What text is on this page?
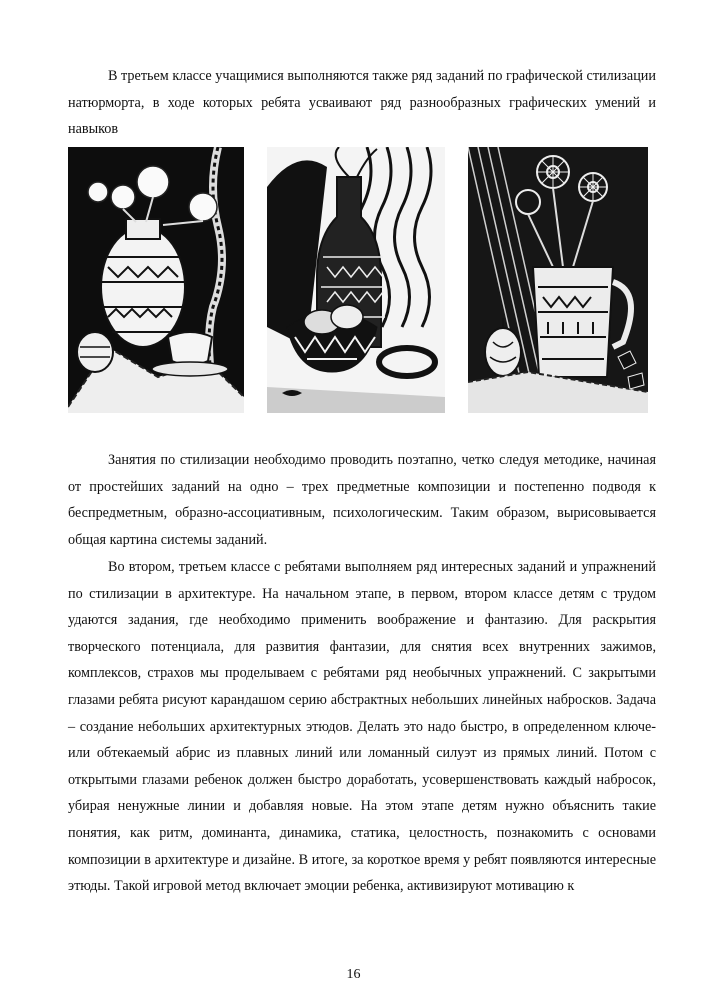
В третьем классе учащимися выполняются также ряд заданий по графической стилизации натюрморта, в ходе которых ребята усваивают ряд разнообразных графических умений и навыков

Занятия по стилизации необходимо проводить поэтапно, четко следуя методике, начиная от простейших заданий на одно – трех предметные композиции и постепенно подводя к беспредметным, образно-ассоциативным, психологическим. Таким образом, вырисовывается общая картина системы заданий.

Во втором, третьем классе с ребятами выполняем ряд интересных заданий и упражнений по стилизации в архитектуре. На начальном этапе, в первом, втором классе детям с трудом удаются задания, где необходимо применить воображение и фантазию. Для раскрытия творческого потенциала, для развития фантазии, для снятия всех внутренних зажимов, комплексов, страхов мы проделываем с ребятами ряд необычных упражнений. С закрытыми глазами ребята рисуют карандашом серию абстрактных небольших линейных набросков. Задача – создание небольших архитектурных этюдов. Делать это надо быстро, в определенном ключе- или обтекаемый абрис из плавных линий или ломанный силуэт из прямых линий. Потом с открытыми глазами ребенок должен быстро доработать, усовершенствовать каждый набросок, убирая ненужные линии и добавляя новые. На этом этапе детям нужно объяснить такие понятия, как ритм, доминанта, динамика, статика, целостность, познакомить с основами композиции в архитектуре и дизайне. В итоге, за короткое время у ребят появляются интересные этюды. Такой игровой метод включает эмоции ребенка, активизируют мотивацию к

16
